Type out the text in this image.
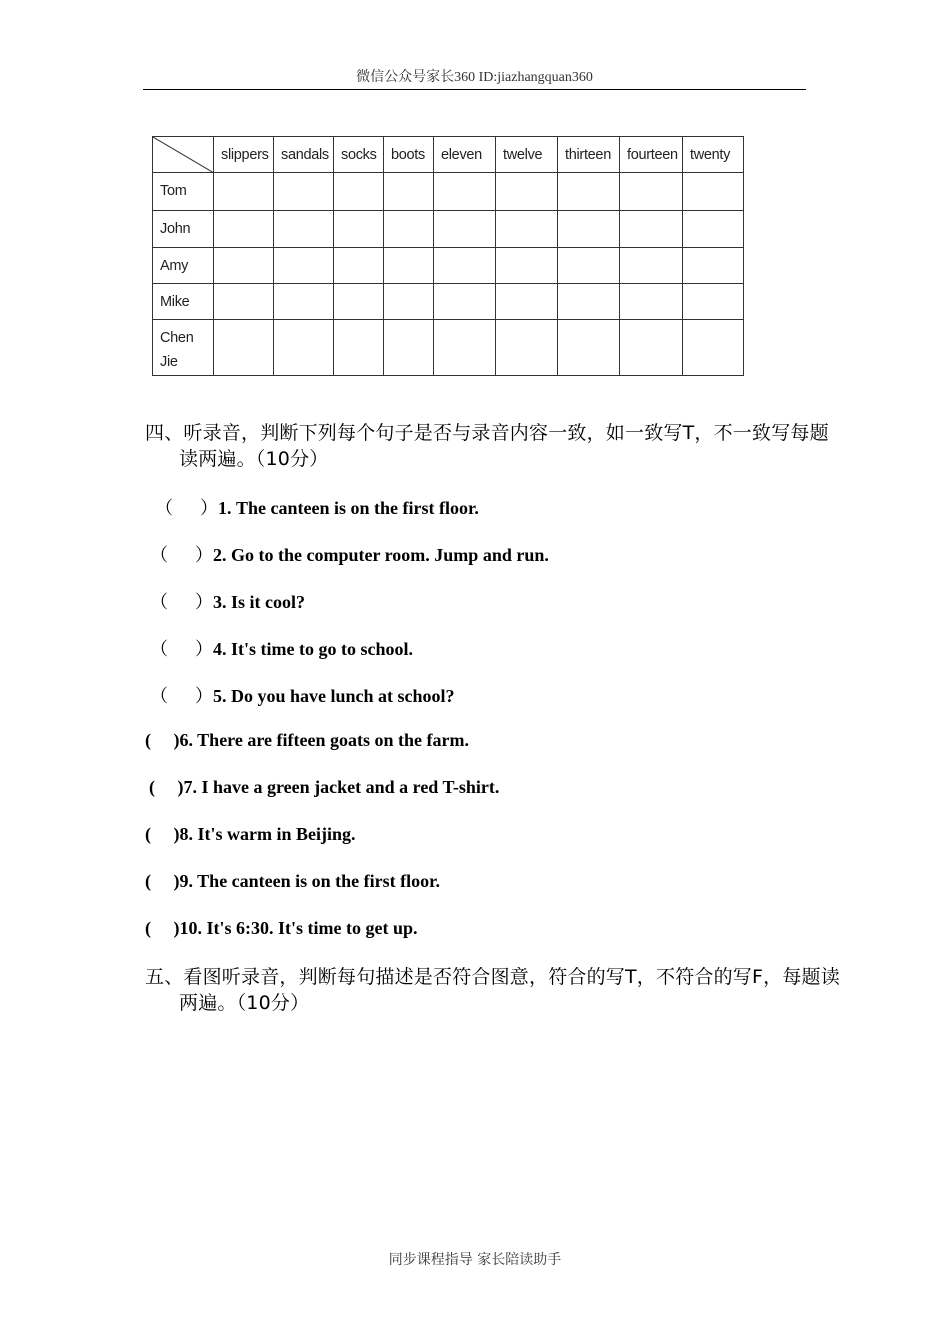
微信公众号家长360 ID:jiazhangquan360
	slippers	sandals	socks	boots	eleven	twelve	thirteen	fourteen	twenty
Tom									
John									
Amy									
Mike									
Chen Jie									
四、听录音，判断下列每个句子是否与录音内容一致，如一致写T，不一致写每题读两遍。（10分）
（ ）1. The canteen is on the first floor.
（ ）2. Go to the computer room. Jump and run.
（ ）3. Is it cool?
（ ）4. It's time to go to school.
（ ）5. Do you have lunch at school?
( )6. There are fifteen goats on the farm.
( )7. I have a green jacket and a red T-shirt.
( )8. It's warm in Beijing.
( )9. The canteen is on the first floor.
( )10. It's 6:30. It's time to get up.
五、看图听录音，判断每句描述是否符合图意，符合的写T，不符合的写F，每题读两遍。（10分）
同步课程指导 家长陪读助手
